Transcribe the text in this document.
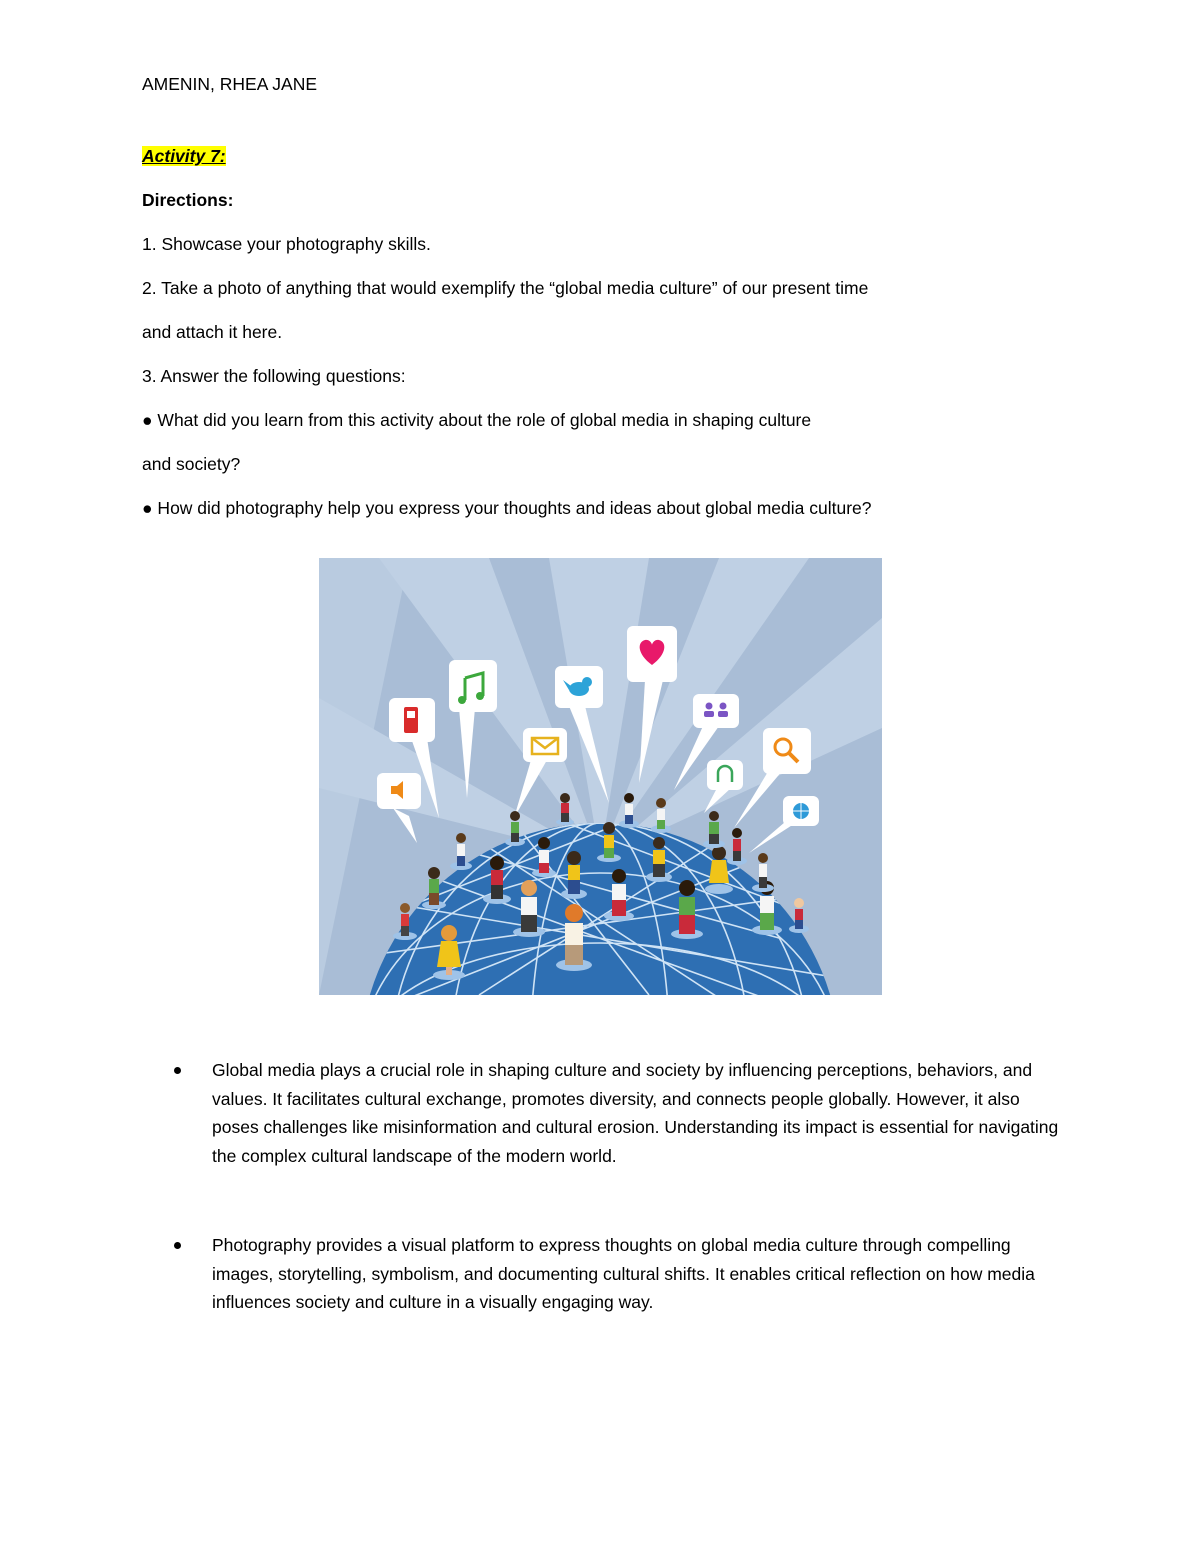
AMENIN, RHEA JANE
Activity 7:
Directions:
1. Showcase your photography skills.
2. Take a photo of anything that would exemplify the “global media culture” of our present time
and attach it here.
3. Answer the following questions:
● What did you learn from this activity about the role of global media in shaping culture
and society?
● How did photography help you express your thoughts and ideas about global media culture?
Global media plays a crucial role in shaping culture and society by influencing perceptions, behaviors, and values. It facilitates cultural exchange, promotes diversity, and connects people globally. However, it also poses challenges like misinformation and cultural erosion. Understanding its impact is essential for navigating the complex cultural landscape of the modern world.
Photography provides a visual platform to express thoughts on global media culture through compelling images, storytelling, symbolism, and documenting cultural shifts. It enables critical reflection on how media influences society and culture in a visually engaging way.
